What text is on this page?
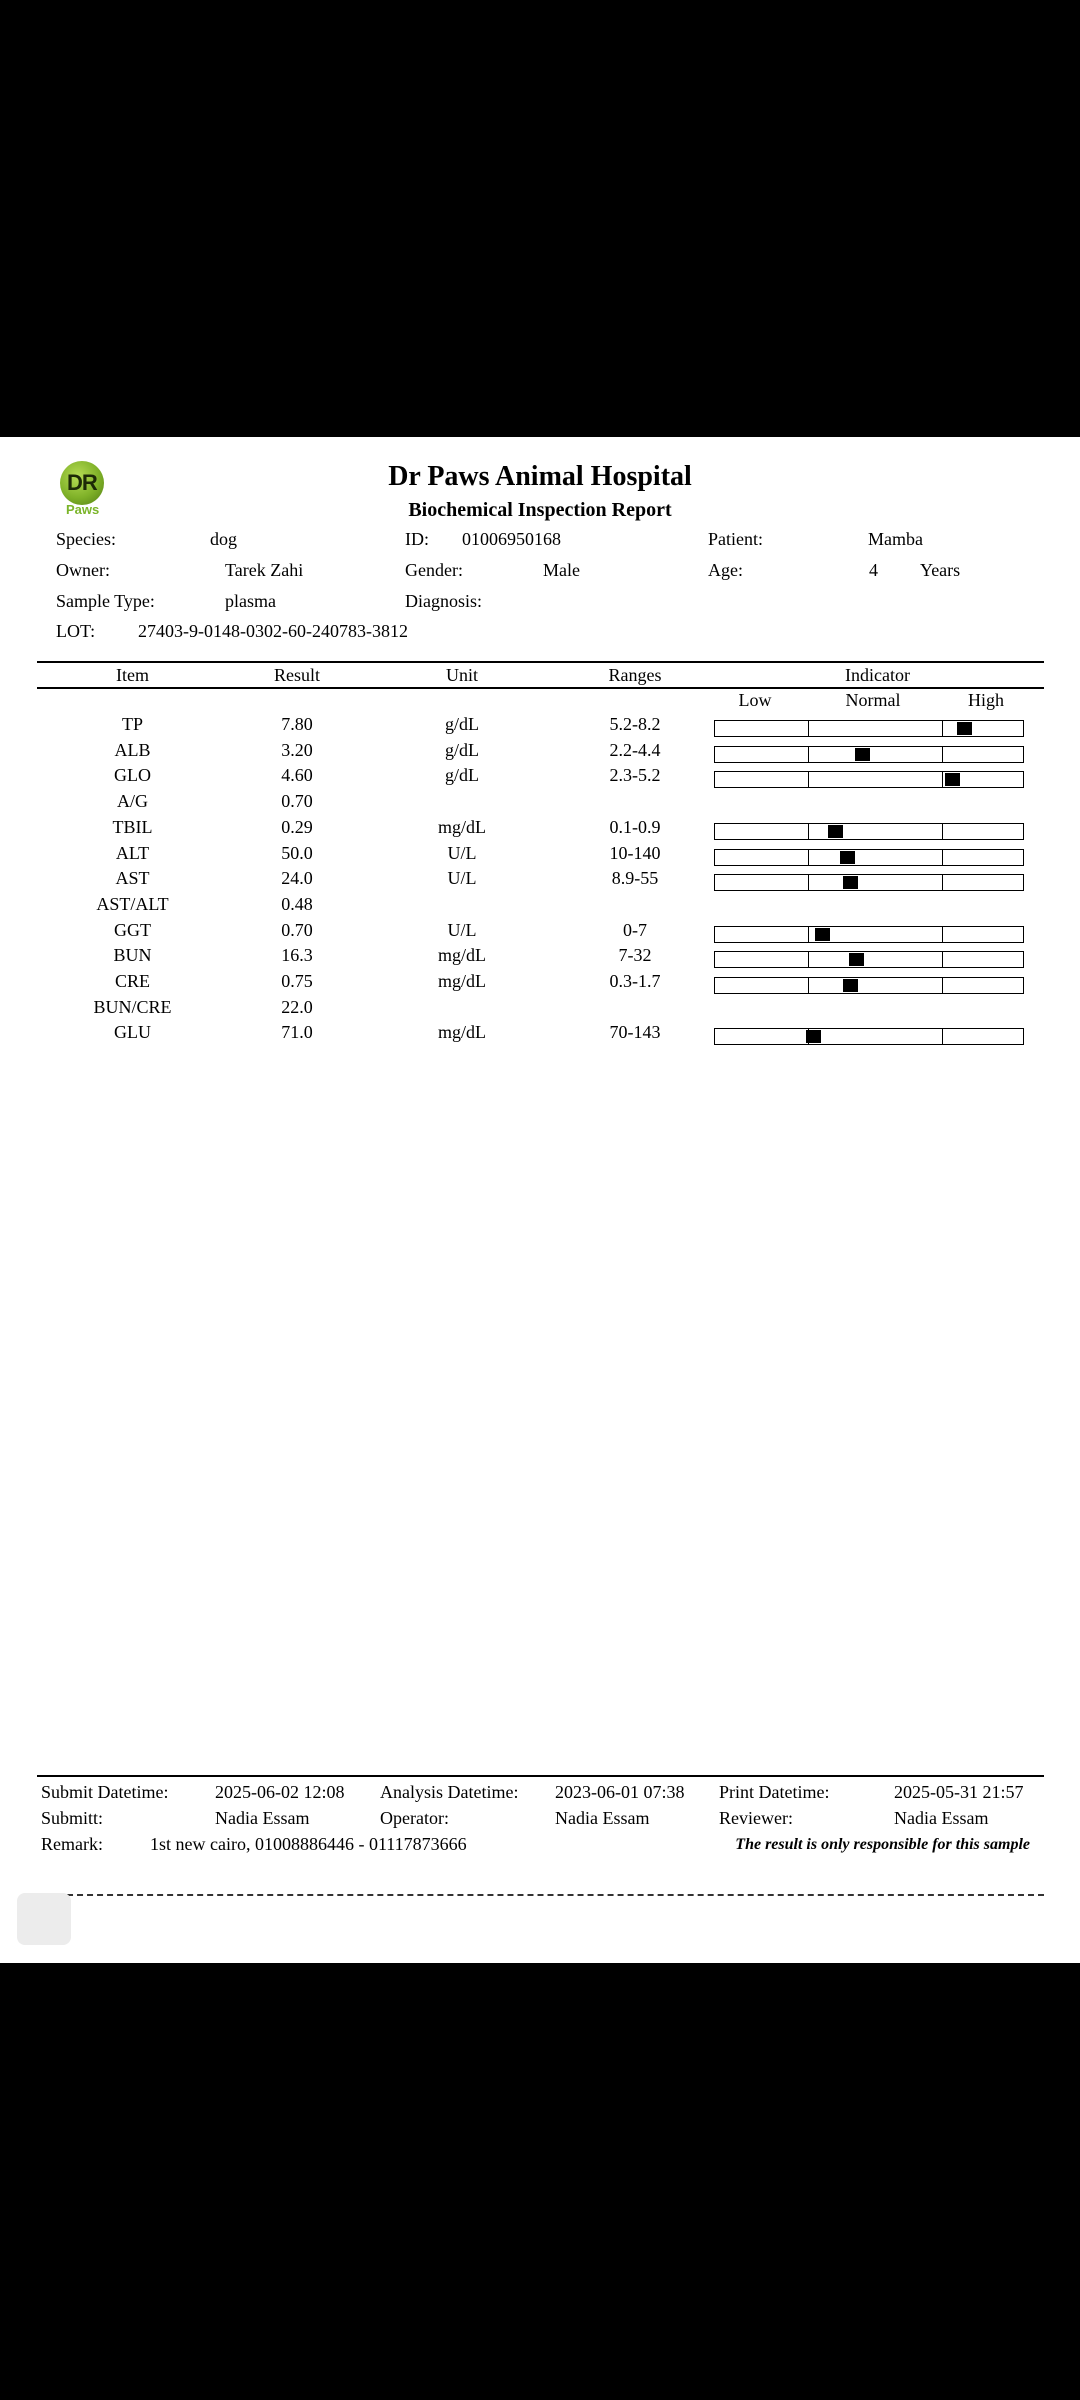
DR
Paws
Dr Paws Animal Hospital
Biochemical Inspection Report
Species:	dog	ID: 01006950168	Patient:	Mamba
Owner:	Tarek Zahi	Gender:	Male	Age:	4 Years
Sample Type:	plasma	Diagnosis:
LOT: 27403-9-0148-0302-60-240783-3812
Item	Result	Unit	Ranges	Indicator
Low	Normal	High
TP	7.80	g/dL	5.2-8.2
ALB	3.20	g/dL	2.2-4.4
GLO	4.60	g/dL	2.3-5.2
A/G	0.70
TBIL	0.29	mg/dL	0.1-0.9
ALT	50.0	U/L	10-140
AST	24.0	U/L	8.9-55
AST/ALT	0.48
GGT	0.70	U/L	0-7
BUN	16.3	mg/dL	7-32
CRE	0.75	mg/dL	0.3-1.7
BUN/CRE	22.0
GLU	71.0	mg/dL	70-143
Submit Datetime:	2025-06-02 12:08 Analysis Datetime: 2023-06-01 07:38 Print Datetime:	2025-05-31 21:57
Submitt:	Nadia Essam	Operator:	Nadia Essam	Reviewer:	Nadia Essam
Remark:	1st new cairo, 01008886446 - 01117873666	The result is only responsible for this sample
